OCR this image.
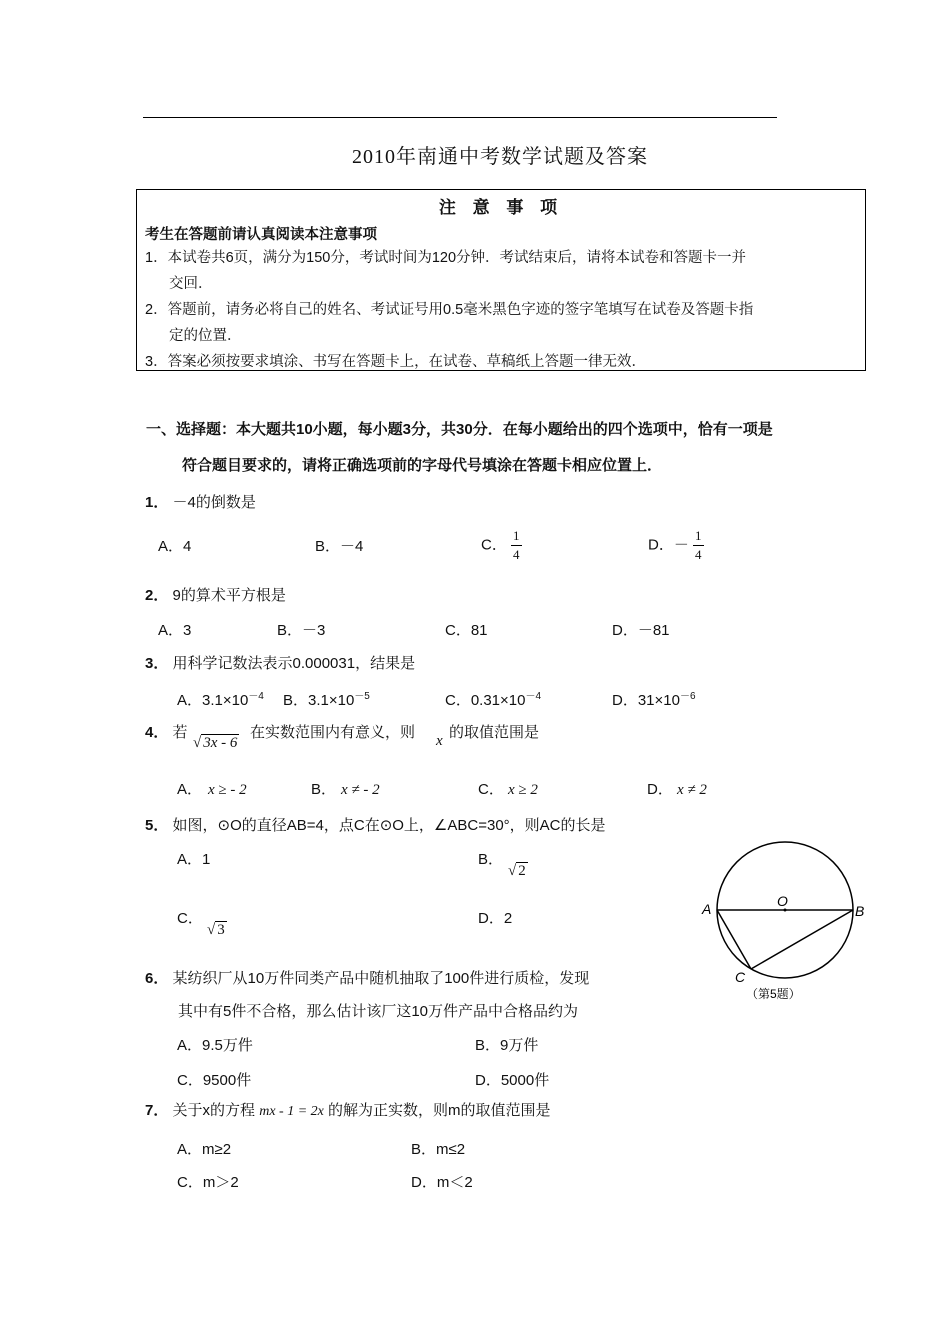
2010年南通中考数学试题及答案
注 意 事 项
考生在答题前请认真阅读本注意事项
1．本试卷共6页，满分为150分，考试时间为120分钟．考试结束后，请将本试卷和答题卡一并
交回．
2．答题前，请务必将自己的姓名、考试证号用0.5毫米黑色字迹的签字笔填写在试卷及答题卡指
定的位置．
3．答案必须按要求填涂、书写在答题卡上，在试卷、草稿纸上答题一律无效．
一、选择题：本大题共10小题，每小题3分，共30分．在每小题给出的四个选项中，恰有一项是
符合题目要求的，请将正确选项前的字母代号填涂在答题卡相应位置上．
1． －4的倒数是
A．4	B．－4	C． $\frac{1}{4}$	D．－ $\frac{1}{4}$
2． 9的算术平方根是
A．3	B．－3	C．81	D．－81
3． 用科学记数法表示0.000031，结果是
A．$3.1\times 10^{-4}$ B．$3.1\times 10^{-5}$	C．$0.31\times 10^{-4}$	D．$31\times 10^{-6}$
4． 若
√ 3x - 6
在实数范围内有意义，则 x 的取值范围是
A． x ≥ - 2	B． x ≠ - 2	C． x ≥ 2	D． x ≠ 2
5． 如图，⊙O的直径AB=4，点C在⊙O上，∠ABC=30°，则AC的长是
A．1	B．
√ 2
C．
√ 3
D．2
A	B
C
O
（第5题）
6． 某纺织厂从10万件同类产品中随机抽取了100件进行质检，发现
其中有5件不合格，那么估计该厂这10万件产品中合格品约为
A．9.5万件	B．9万件
C．9500件	D．5000件
7． 关于x的方程 mx - 1 = 2x 的解为正实数，则m的取值范围是
A．m≥2	B．m≤2
C．m＞2	D．m＜2
